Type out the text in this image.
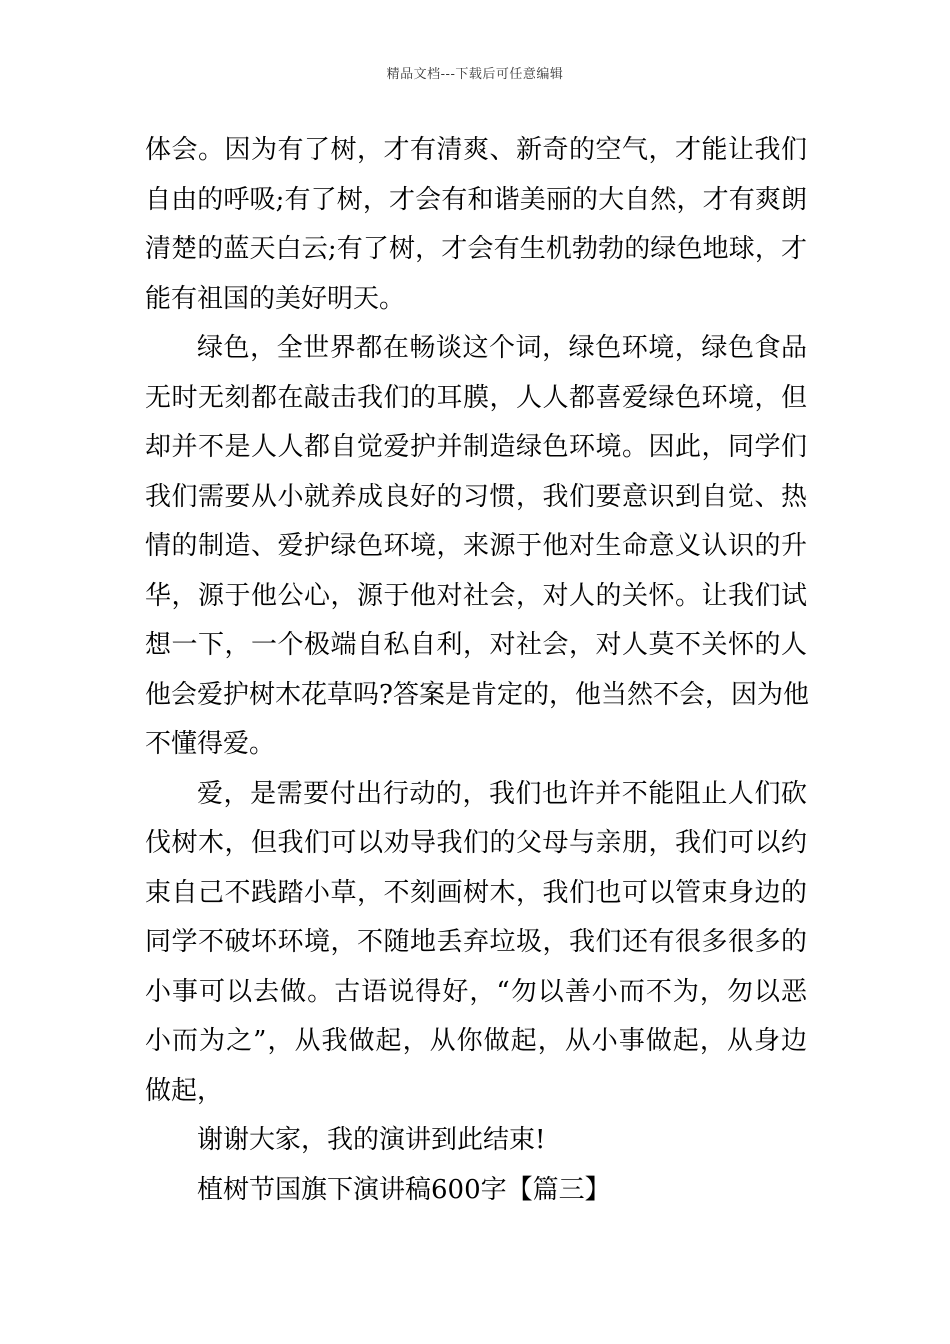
精品文档---下载后可任意编辑
体会。因为有了树，才有清爽、新奇的空气，才能让我们
自由的呼吸;有了树，才会有和谐美丽的大自然，才有爽朗
清楚的蓝天白云;有了树，才会有生机勃勃的绿色地球，才
能有祖国的美好明天。
绿色，全世界都在畅谈这个词，绿色环境，绿色食品
无时无刻都在敲击我们的耳膜，人人都喜爱绿色环境，但
却并不是人人都自觉爱护并制造绿色环境。因此，同学们
我们需要从小就养成良好的习惯，我们要意识到自觉、热
情的制造、爱护绿色环境，来源于他对生命意义认识的升
华，源于他公心，源于他对社会，对人的关怀。让我们试
想一下，一个极端自私自利，对社会，对人莫不关怀的人
他会爱护树木花草吗?答案是肯定的，他当然不会，因为他
不懂得爱。
爱，是需要付出行动的，我们也许并不能阻止人们砍
伐树木，但我们可以劝导我们的父母与亲朋，我们可以约
束自己不践踏小草，不刻画树木，我们也可以管束身边的
同学不破坏环境，不随地丢弃垃圾，我们还有很多很多的
小事可以去做。古语说得好，“勿以善小而不为，勿以恶
小而为之”，从我做起，从你做起，从小事做起，从身边
做起，
谢谢大家，我的演讲到此结束!
植树节国旗下演讲稿600字【篇三】
